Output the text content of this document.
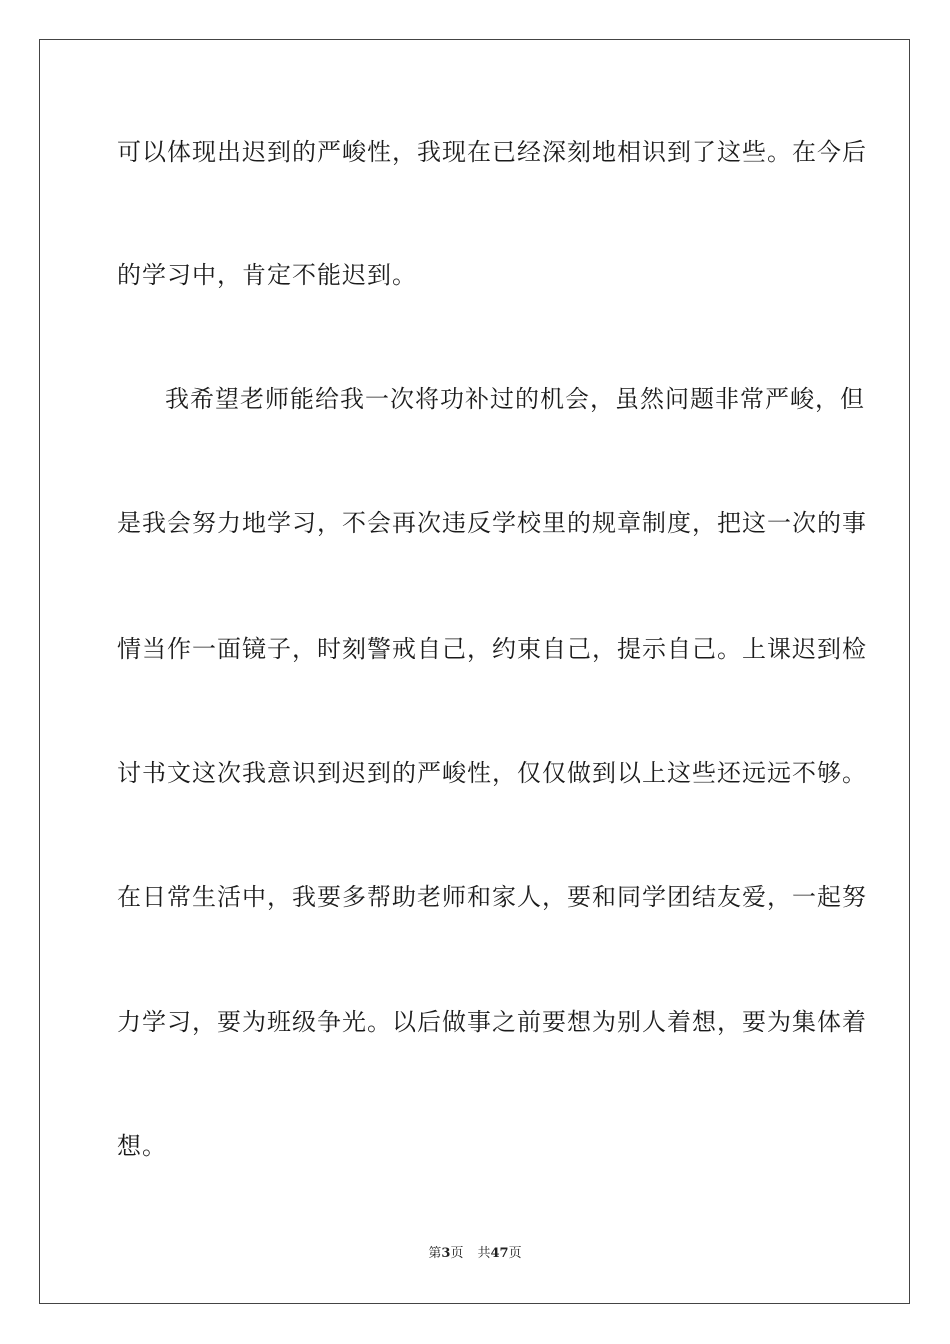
可以体现出迟到的严峻性，我现在已经深刻地相识到了这些。在今后
的学习中，肯定不能迟到。
我希望老师能给我一次将功补过的机会，虽然问题非常严峻，但
是我会努力地学习，不会再次违反学校里的规章制度，把这一次的事
情当作一面镜子，时刻警戒自己，约束自己，提示自己。上课迟到检
讨书文这次我意识到迟到的严峻性，仅仅做到以上这些还远远不够。
在日常生活中，我要多帮助老师和家人，要和同学团结友爱，一起努
力学习，要为班级争光。以后做事之前要想为别人着想，要为集体着
想。
第3页 共47页
